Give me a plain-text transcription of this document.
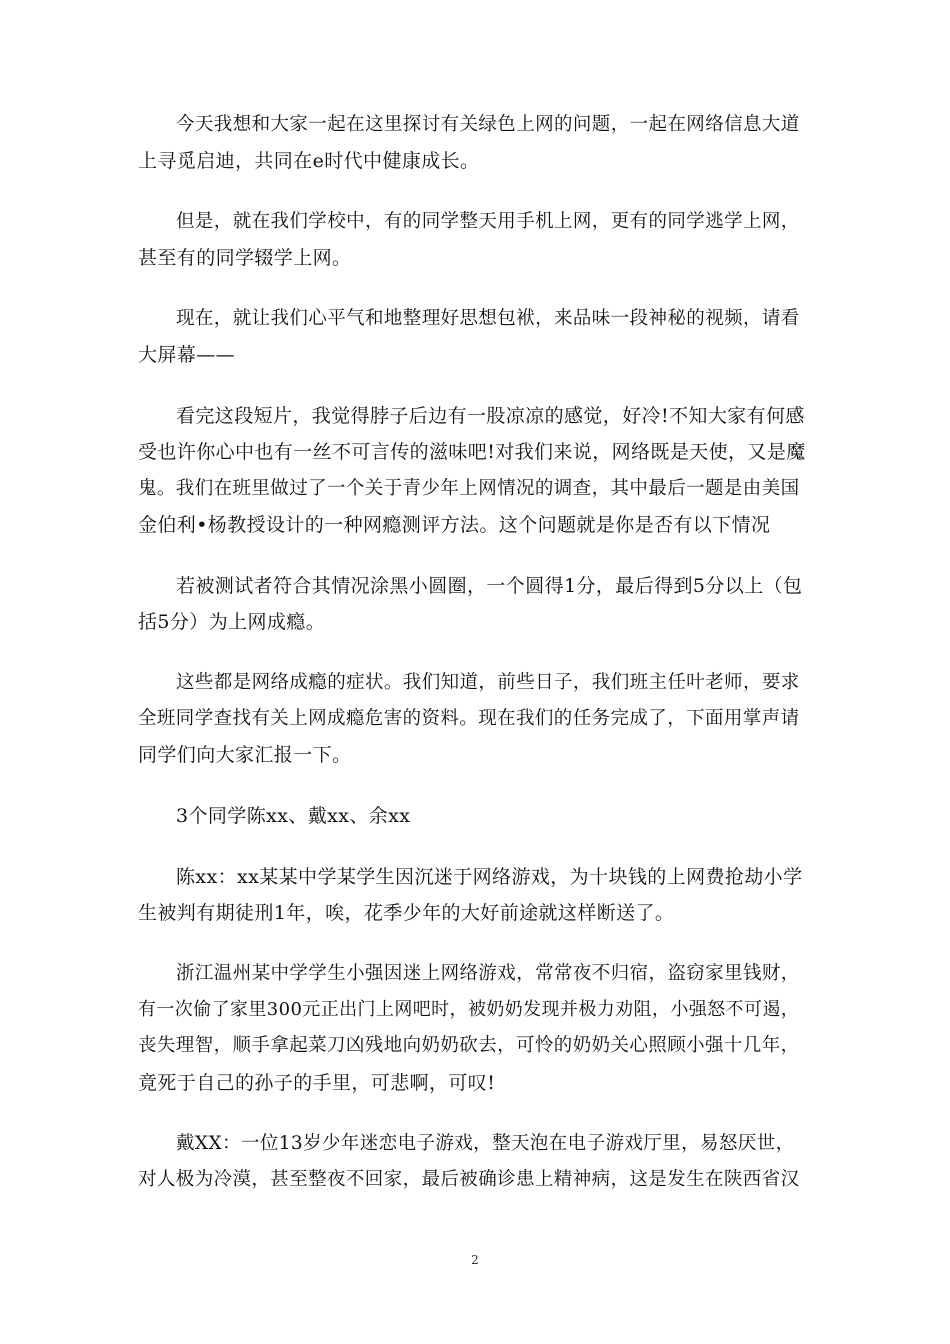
今天我想和大家一起在这里探讨有关绿色上网的问题，一起在网络信息大道
上寻觅启迪，共同在e时代中健康成长。
但是，就在我们学校中，有的同学整天用手机上网，更有的同学逃学上网，
甚至有的同学辍学上网。
现在，就让我们心平气和地整理好思想包袱，来品味一段神秘的视频，请看
大屏幕——
看完这段短片，我觉得脖子后边有一股凉凉的感觉，好冷!不知大家有何感
受也许你心中也有一丝不可言传的滋味吧!对我们来说，网络既是天使，又是魔
鬼。我们在班里做过了一个关于青少年上网情况的调查，其中最后一题是由美国
金伯利•杨教授设计的一种网瘾测评方法。这个问题就是你是否有以下情况
若被测试者符合其情况涂黑小圆圈，一个圆得1分，最后得到5分以上（包
括5分）为上网成瘾。
这些都是网络成瘾的症状。我们知道，前些日子，我们班主任叶老师，要求
全班同学查找有关上网成瘾危害的资料。现在我们的任务完成了，下面用掌声请
同学们向大家汇报一下。
3个同学陈xx、戴xx、余xx
陈xx：xx某某中学某学生因沉迷于网络游戏，为十块钱的上网费抢劫小学
生被判有期徒刑1年，唉，花季少年的大好前途就这样断送了。
浙江温州某中学学生小强因迷上网络游戏，常常夜不归宿，盗窃家里钱财，
有一次偷了家里300元正出门上网吧时，被奶奶发现并极力劝阻，小强怒不可遏，
丧失理智，顺手拿起菜刀凶残地向奶奶砍去，可怜的奶奶关心照顾小强十几年，
竟死于自己的孙子的手里，可悲啊，可叹!
戴XX：一位13岁少年迷恋电子游戏，整天泡在电子游戏厅里，易怒厌世，
对人极为冷漠，甚至整夜不回家，最后被确诊患上精神病，这是发生在陕西省汉
2
